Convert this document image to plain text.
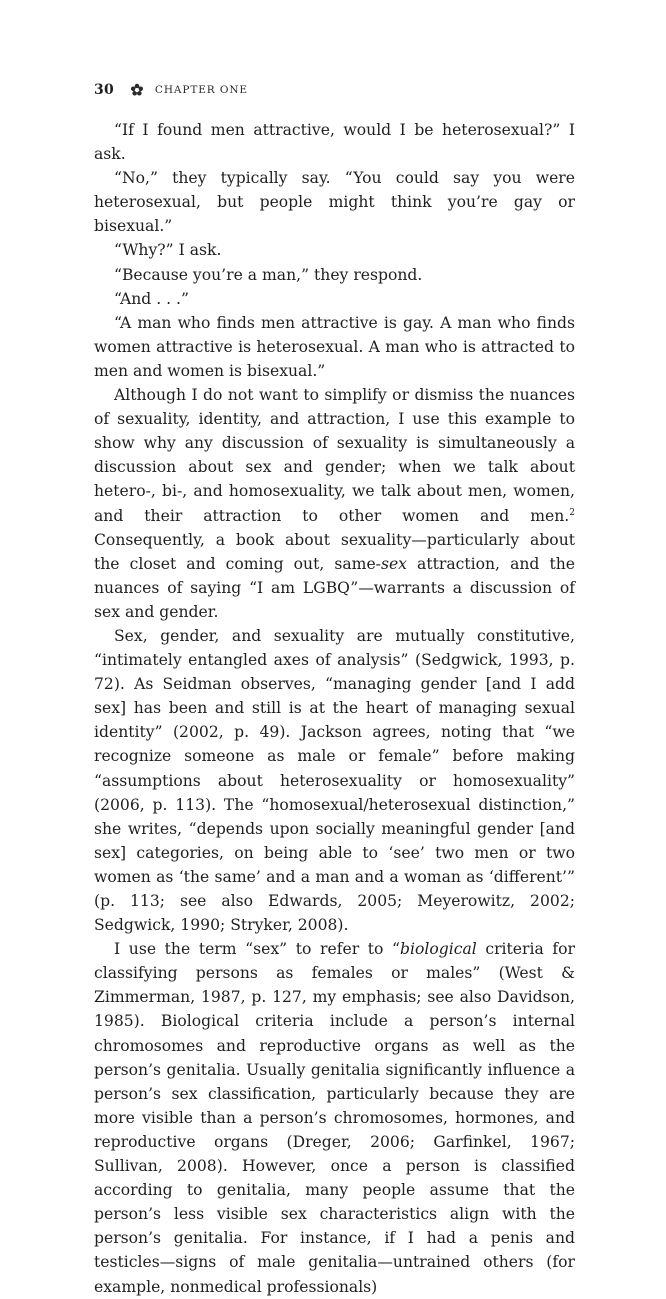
30	CHAPTER ONE

“If I found men attractive, would I be heterosexual?” I ask.

“No,” they typically say. “You could say you were heterosexual, but people might think you’re gay or bisexual.”

“Why?” I ask.

“Because you’re a man,” they respond.

“And . . .”

“A man who finds men attractive is gay. A man who finds women attractive is heterosexual. A man who is attracted to men and women is bisexual.”

Although I do not want to simplify or dismiss the nuances of sexuality, identity, and attraction, I use this example to show why any discussion of sexuality is simultaneously a discussion about sex and gender; when we talk about hetero-, bi-, and homosexuality, we talk about men, women, and their attraction to other women and men.$^2$ Consequently, a book about sexuality—particularly about the closet and coming out, same-sex attraction, and the nuances of saying “I am LGBQ”—warrants a discussion of sex and gender.

Sex, gender, and sexuality are mutually constitutive, “intimately entangled axes of analysis” (Sedgwick, 1993, p. 72). As Seidman observes, “managing gender [and I add sex] has been and still is at the heart of managing sexual identity” (2002, p. 49). Jackson agrees, noting that “we recognize someone as male or female” before making “assumptions about heterosexuality or homosexuality” (2006, p. 113). The “homosexual/heterosexual distinction,” she writes, “depends upon socially meaningful gender [and sex] categories, on being able to ‘see’ two men or two women as ‘the same’ and a man and a woman as ‘different’” (p. 113; see also Edwards, 2005; Meyerowitz, 2002; Sedgwick, 1990; Stryker, 2008).

I use the term “sex” to refer to “biological criteria for classifying persons as females or males” (West & Zimmerman, 1987, p. 127, my emphasis; see also Davidson, 1985). Biological criteria include a person’s internal chromosomes and reproductive organs as well as the person’s genitalia. Usually genitalia significantly influence a person’s sex classification, particularly because they are more visible than a person’s chromosomes, hormones, and reproductive organs (Dreger, 2006; Garfinkel, 1967; Sullivan, 2008). However, once a person is classified according to genitalia, many people assume that the person’s less visible sex characteristics align with the person’s genitalia. For instance, if I had a penis and testicles—signs of male genitalia—untrained others (for example, nonmedical professionals)
